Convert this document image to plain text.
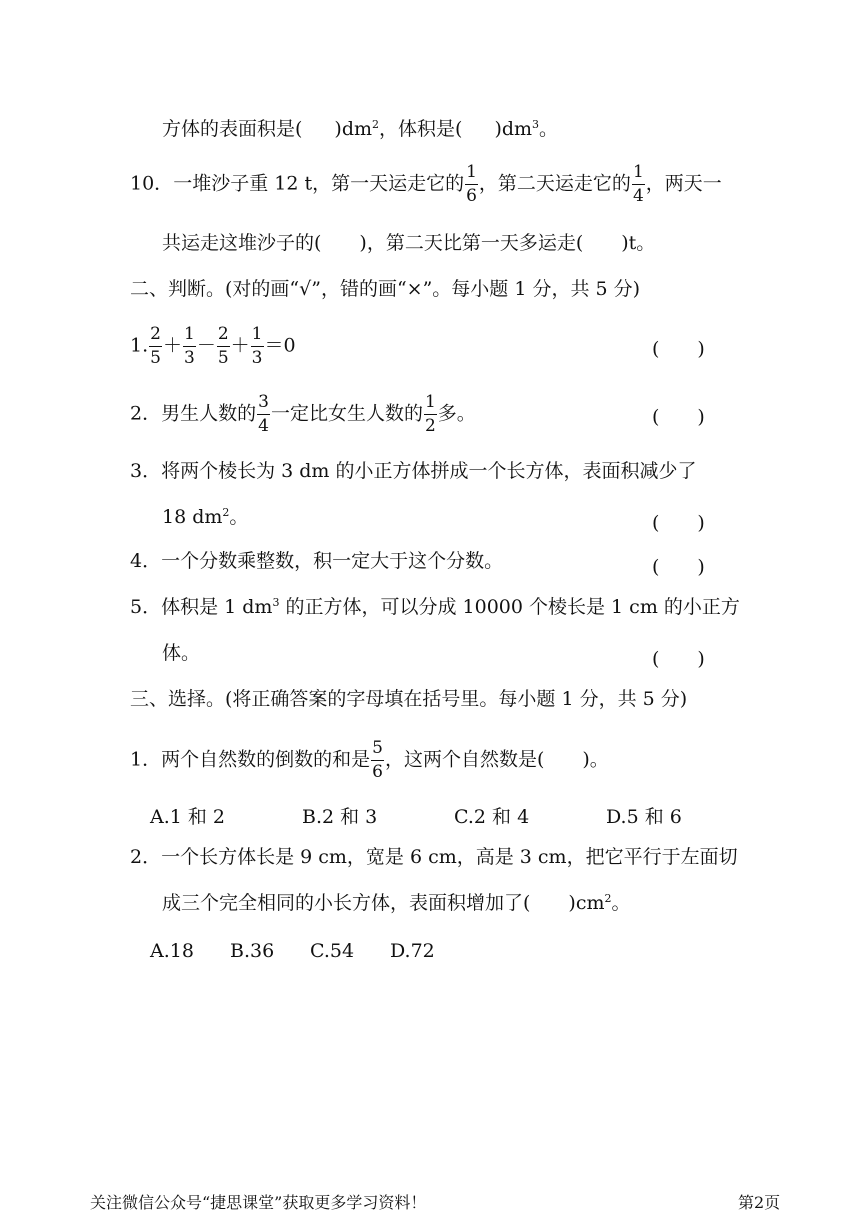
方体的表面积是( )$dm^2$，体积是( )$dm^3$。
10．一堆沙子重 12 t，第一天运走它的 $\frac{1}{6}$ ，第二天运走它的 $\frac{1}{4}$ ，两天一
共运走这堆沙子的(　　)，第二天比第一天多运走(　　)t。
二、判断。(对的画“√”，错的画“×”。每小题 1 分，共 5 分)
1. $\frac{2}{5} + \frac{1}{3} - \frac{2}{5} + \frac{1}{3} =0$	(　　)
2．男生人数的 $\frac{3}{4}$ 一定比女生人数的 $\frac{1}{2}$ 多。	(　　)
3．将两个棱长为 3 dm 的小正方体拼成一个长方体，表面积减少了
18 $dm^2$。	(　　)
4．一个分数乘整数，积一定大于这个分数。	(　　)
5．体积是 1 $dm^3$ 的正方体，可以分成 10000 个棱长是 1 cm 的小正方
体。	(　　)
三、选择。(将正确答案的字母填在括号里。每小题 1 分，共 5 分)
1．两个自然数的倒数的和是 $\frac{5}{6}$ ，这两个自然数是(　　)。
A.1 和 2	B.2 和 3	C.2 和 4	D.5 和 6
2．一个长方体长是 9 cm，宽是 6 cm，高是 3 cm，把它平行于左面切
成三个完全相同的小长方体，表面积增加了(　　)$cm^2$。
A.18 B.36 C.54 D.72
关注微信公众号“捷思课堂”获取更多学习资料！	第2页
